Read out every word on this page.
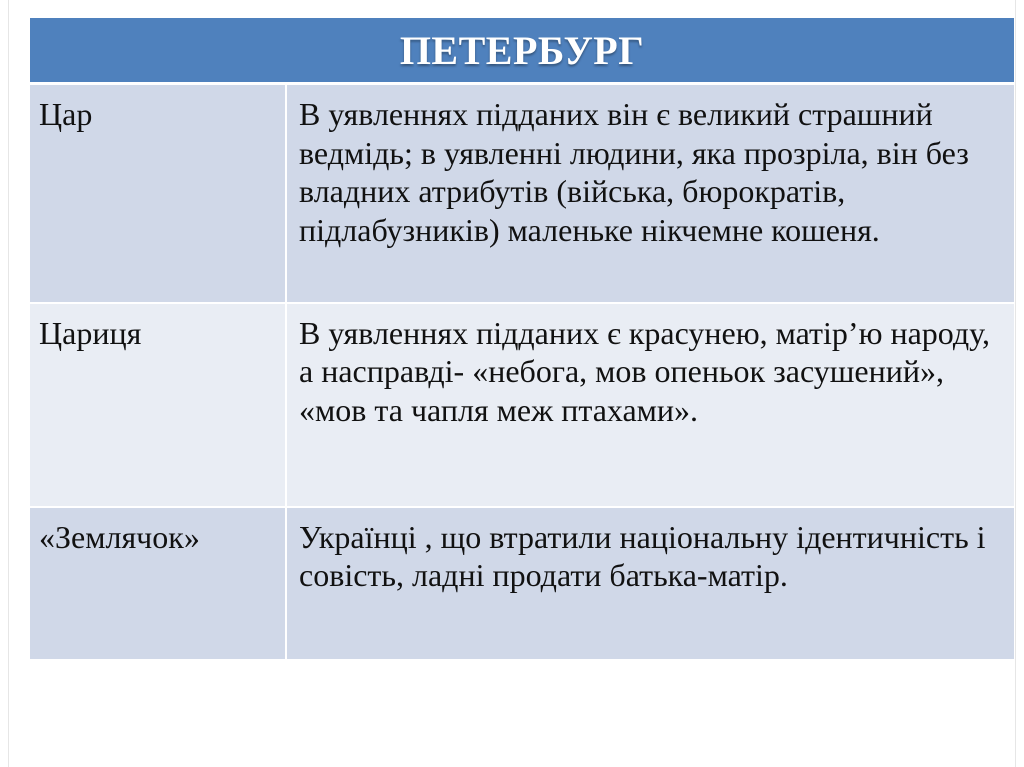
ПЕТЕРБУРГ	
Цар	В уявленнях підданих він є великий страшний ведмідь; в уявленні людини, яка прозріла, він без владних атрибутів (війська, бюрократів, підлабузників) маленьке нікчемне кошеня.
Цариця	В уявленнях підданих є красунею, матір’ю народу, а насправді- «небога, мов опеньок засушений», «мов та чапля меж птахами».
«Землячок»	Українці , що втратили національну ідентичність і совість, ладні продати батька-матір.
